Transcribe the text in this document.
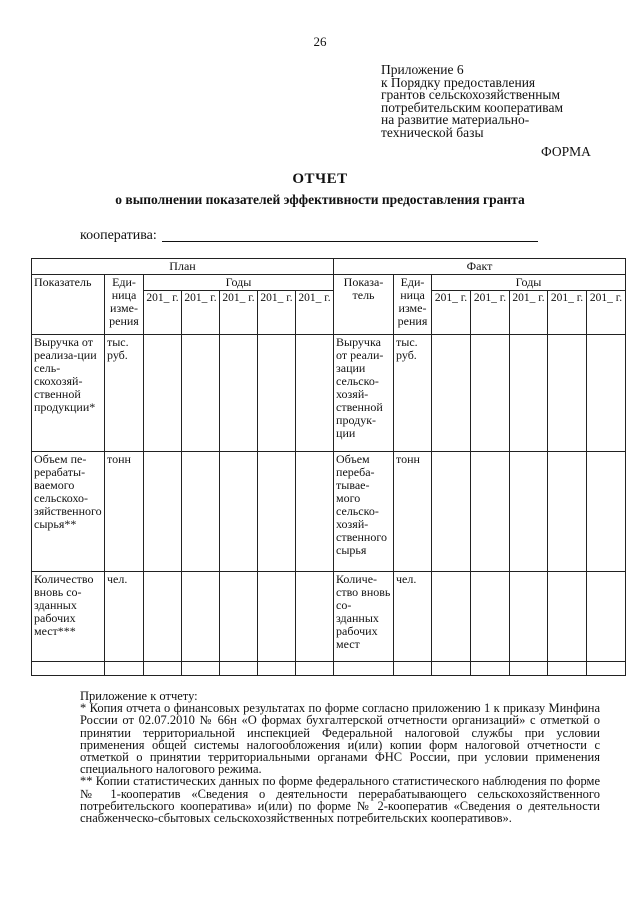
26
Приложение 6
к Порядку предоставления
грантов сельскохозяйственным
потребительским кооперативам
на развитие материально-
технической базы
ФОРМА
ОТЧЕТ
о выполнении показателей эффективности предоставления гранта
кооператива:
План							Факт						
Показатель	Еди-ница изме-рения	Годы					Показа-тель	Еди-ница изме-рения	Годы				
		201_ г.	201_ г.	201_ г.	201_ г.	201_ г.			201_ г.	201_ г.	201_ г.	201_ г.	201_ г.
Выручка от реализа-ции сель-скохозяй-ственной продукции*	тыс. руб.						Выручка от реали-зации сельско-хозяй-ственной продук-ции	тыс. руб.					
Объем пе-рерабаты-ваемого сельскохо-зяйственного сырья**	тонн						Объем переба-тывае-мого сельско-хозяй-ственного сырья	тонн					
Количество вновь со-зданных рабочих мест***	чел.						Количе-ство вновь со-зданных рабочих мест	чел.					

Приложение к отчету:
* Копия отчета о финансовых результатах по форме согласно приложению 1 к приказу Минфина России от 02.07.2010 № 66н «О формах бухгалтерской отчетности организаций» с отметкой о принятии территориальной инспекцией Федеральной налоговой службы при условии применения общей системы налогообложения и(или) копии форм налоговой отчетности с отметкой о принятии территориальными органами ФНС России, при условии применения специального налогового режима.
** Копии статистических данных по форме федерального статистического наблюдения по форме № 1-кооператив «Сведения о деятельности перерабатывающего сельскохозяйственного потребительского кооператива» и(или) по форме № 2-кооператив «Сведения о деятельности снабженческо-сбытовых сельскохозяйственных потребительских кооперативов».
